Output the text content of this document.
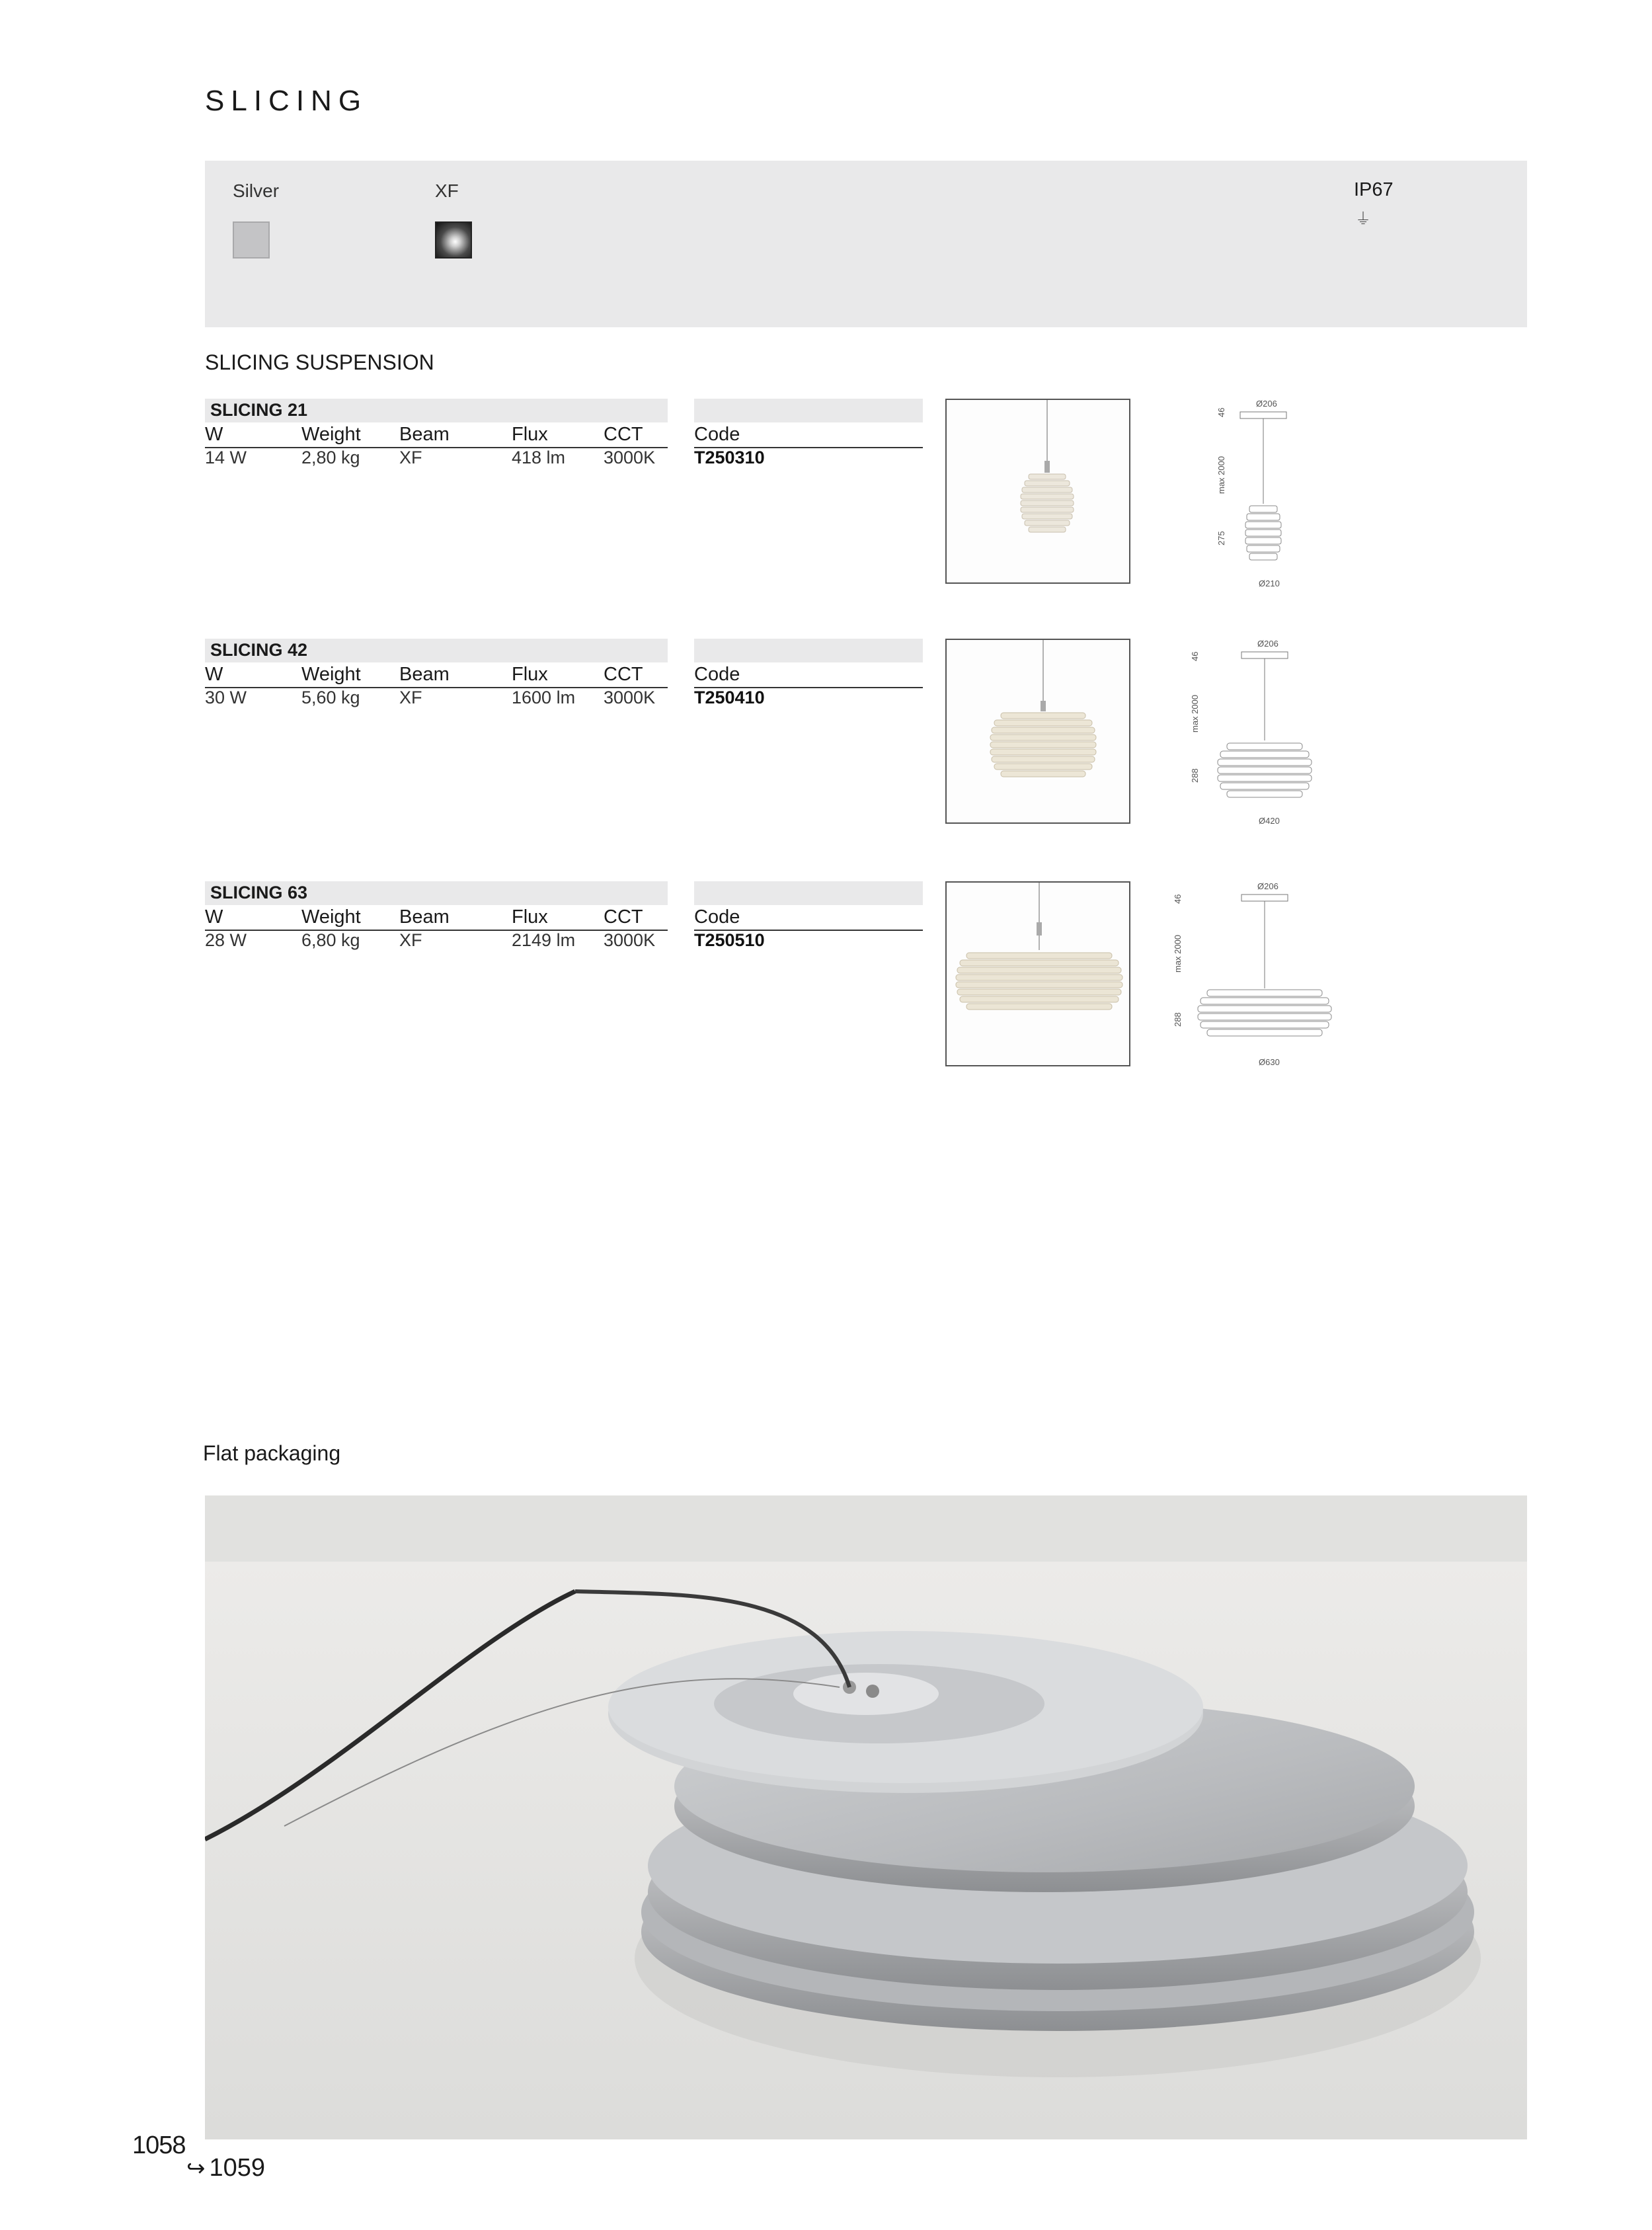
SLICING
Silver	XF	IP67
⏚
SLICING SUSPENSION
SLICING 21
W	Weight Beam	Flux	CCT	Code
14 W	2,80 kg XF	418 lm 3000K T250310
Ø206
Ø210
46
max 2000
275
SLICING 42
W	Weight Beam	Flux	CCT	Code
30 W	5,60 kg XF	1600 lm 3000K T250410
Ø206
Ø420
46
max 2000
288
SLICING 63
W	Weight Beam	Flux	CCT	Code
28 W	6,80 kg XF	2149 lm 3000K T250510
Ø206
Ø630
46
max 2000
288
Flat packaging
1058
↪ 1059
